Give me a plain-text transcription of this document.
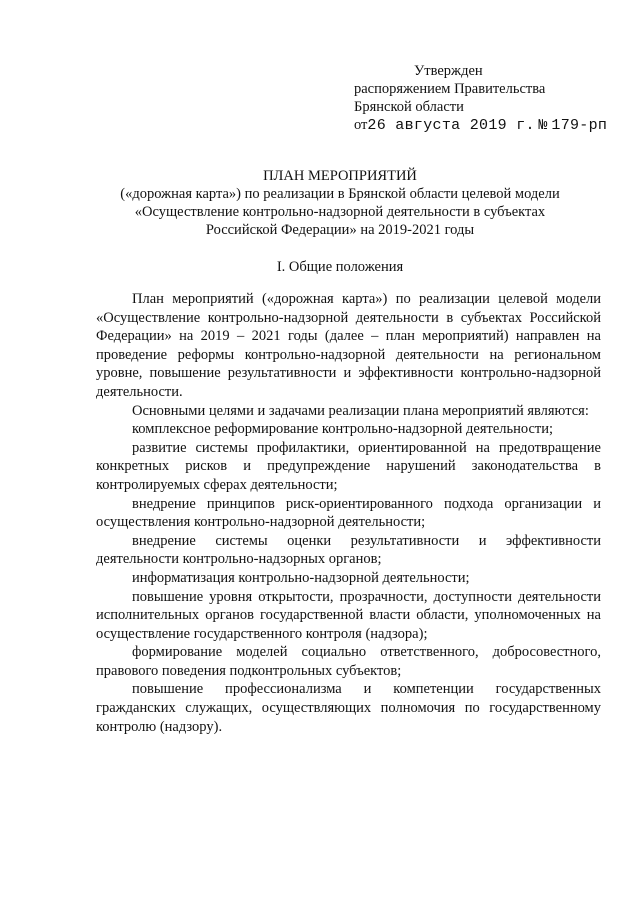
Утвержден
распоряжением Правительства
Брянской области
от26 августа 2019 г. № 179-рп
ПЛАН МЕРОПРИЯТИЙ
(«дорожная карта») по реализации в Брянской области целевой модели
«Осуществление контрольно-надзорной деятельности в субъектах
Российской Федерации» на 2019-2021 годы
I. Общие положения

План мероприятий («дорожная карта») по реализации целевой модели «Осуществление контрольно-надзорной деятельности в субъектах Российской Федерации» на 2019 – 2021 годы (далее – план мероприятий) направлен на проведение реформы контрольно-надзорной деятельности на региональном уровне, повышение результативности и эффективности контрольно-надзорной деятельности.

Основными целями и задачами реализации плана мероприятий являются:

комплексное реформирование контрольно-надзорной деятельности;

развитие системы профилактики, ориентированной на предотвращение конкретных рисков и предупреждение нарушений законодательства в контролируемых сферах деятельности;

внедрение принципов риск-ориентированного подхода организации и осуществления контрольно-надзорной деятельности;

внедрение системы оценки результативности и эффективности деятельности контрольно-надзорных органов;

информатизация контрольно-надзорной деятельности;

повышение уровня открытости, прозрачности, доступности деятельности исполнительных органов государственной власти области, уполномоченных на осуществление государственного контроля (надзора);

формирование моделей социально ответственного, добросовестного, правового поведения подконтрольных субъектов;

повышение профессионализма и компетенции государственных гражданских служащих, осуществляющих полномочия по государственному контролю (надзору).
